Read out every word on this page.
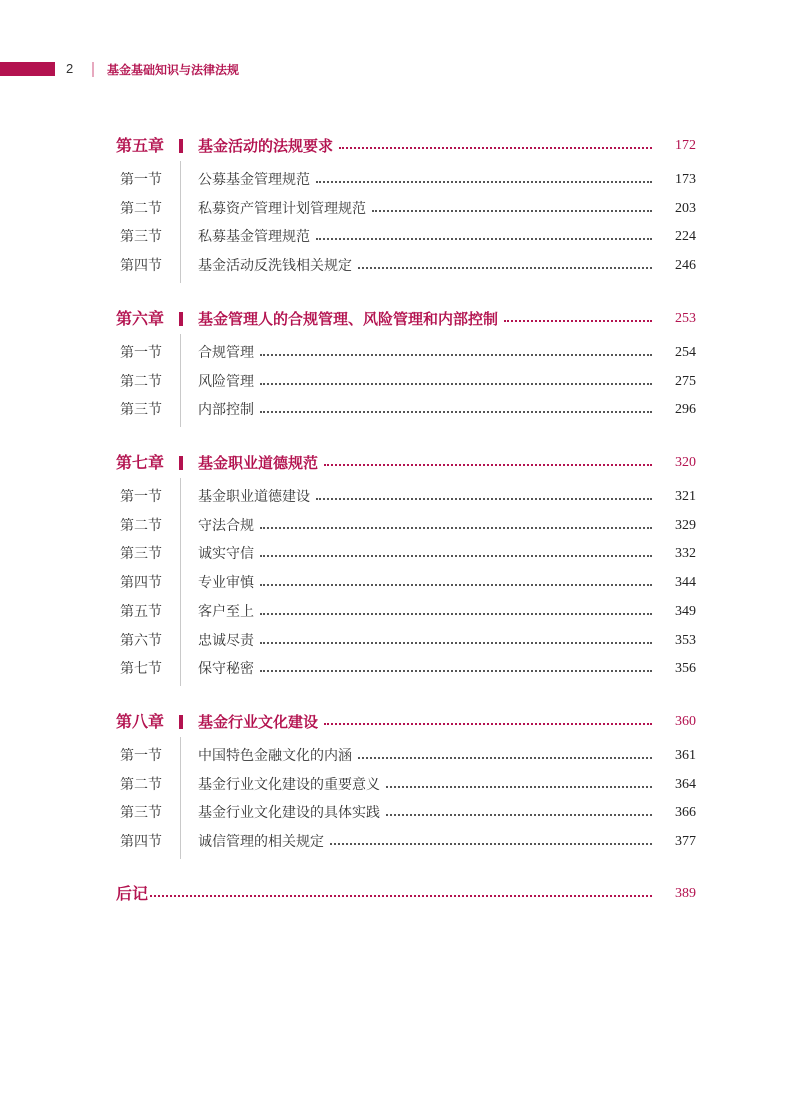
2	基金基础知识与法律法规
第五章 基金活动的法规要求	172
第一节	公募基金管理规范	173
第二节	私募资产管理计划管理规范	203
第三节	私募基金管理规范	224
第四节	基金活动反洗钱相关规定	246
第六章 基金管理人的合规管理、风险管理和内部控制	253
第一节	合规管理	254
第二节	风险管理	275
第三节	内部控制	296
第七章 基金职业道德规范	320
第一节	基金职业道德建设	321
第二节	守法合规	329
第三节	诚实守信	332
第四节	专业审慎	344
第五节	客户至上	349
第六节	忠诚尽责	353
第七节	保守秘密	356
第八章 基金行业文化建设	360
第一节	中国特色金融文化的内涵	361
第二节	基金行业文化建设的重要意义	364
第三节	基金行业文化建设的具体实践	366
第四节	诚信管理的相关规定	377
后记	389
